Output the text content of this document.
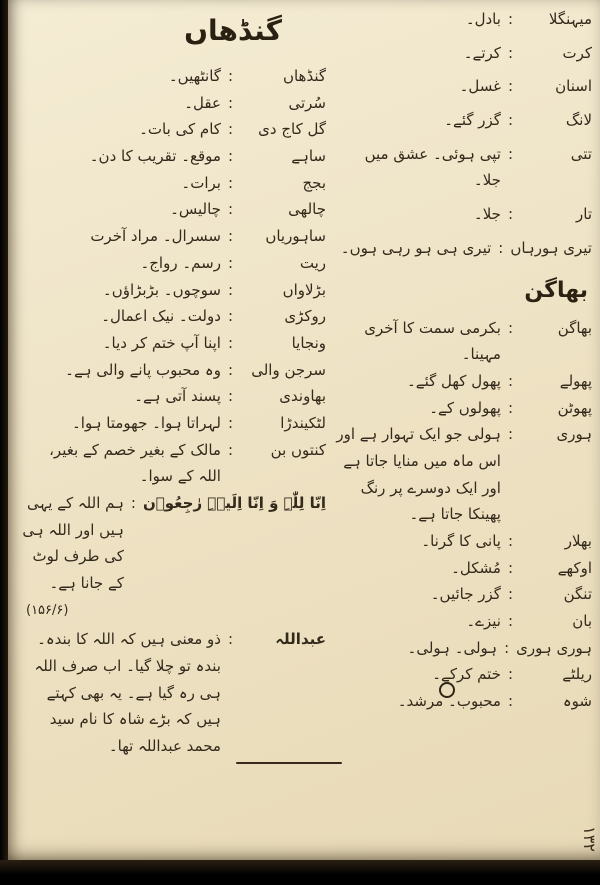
میہنگلا
:
بادل۔
کرت
:
کرتے۔
اسنان
:
غسل۔
لانگ
:
گزر گئے۔
تتی
:
تپی ہوئی۔ عشق میں جلا۔
تار
:
جلا۔
تیری ہورہاں
:
تیری ہی ہو رہی ہوں۔
بھاگن
بھاگن
:
بکرمی سمت کا آخری مہینا۔
پھولے
:
پھول کھل گئے۔
پھوٹن
:
پھولوں کے۔
ہوری
:
ہولی جو ایک تہوار ہے اور اس ماہ میں منایا جاتا ہے اور ایک دوسرے پر رنگ پھینکا جاتا ہے۔
بھلار
:
پانی کا گرنا۔
اوکھے
:
مُشکل۔
تنگن
:
گزر جائیں۔
بان
:
نیزے۔
ہوری ہوری
:
ہولی۔ ہولی۔
ریلٹے
:
ختم کرکے۔
شوہ
:
محبوب۔ مرشد۔
گنڈھاں
گنڈھاں
:
گانٹھیں۔
سُرتی
:
عقل۔
گل کاج دی
:
کام کی بات۔
ساہے
:
موقع۔ تقریب کا دن۔
بجج
:
برات۔
چالھی
:
چالیس۔
ساہوریاں
:
سسرال۔ مراد آخرت
ریت
:
رسم۔ رواج۔
بڑلاواں
:
سوچوں۔ بڑبڑاؤں۔
روکڑی
:
دولت۔ نیک اعمال۔
ونجایا
:
اپنا آپ ختم کر دیا۔
سرجن والی
:
وہ محبوب پانے والی ہے۔
بھاوندی
:
پسند آتی ہے۔
لٹکیندڑا
:
لہراتا ہوا۔ جھومتا ہوا۔
کنتوں بن
:
مالک کے بغیر خصم کے بغیر، اللہ کے سوا۔
اِنّا لِلّٰہِ وَ اِنّا اِلَیۡہِ رٰجِعُوۡن
:
ہم اللہ کے یہی ہیں اور اللہ ہی کی طرف لوٹ کے جانا ہے۔
(۱۵۶/۶)
عبداللہ
:
ذو معنی ہیں کہ اللہ کا بندہ۔ بندہ تو چلا گیا۔ اب صرف اللہ ہی رہ گیا ہے۔ یہ بھی کہتے ہیں کہ بڑے شاہ کا نام سید محمد عبداللہ تھا۔
۱۳۲
